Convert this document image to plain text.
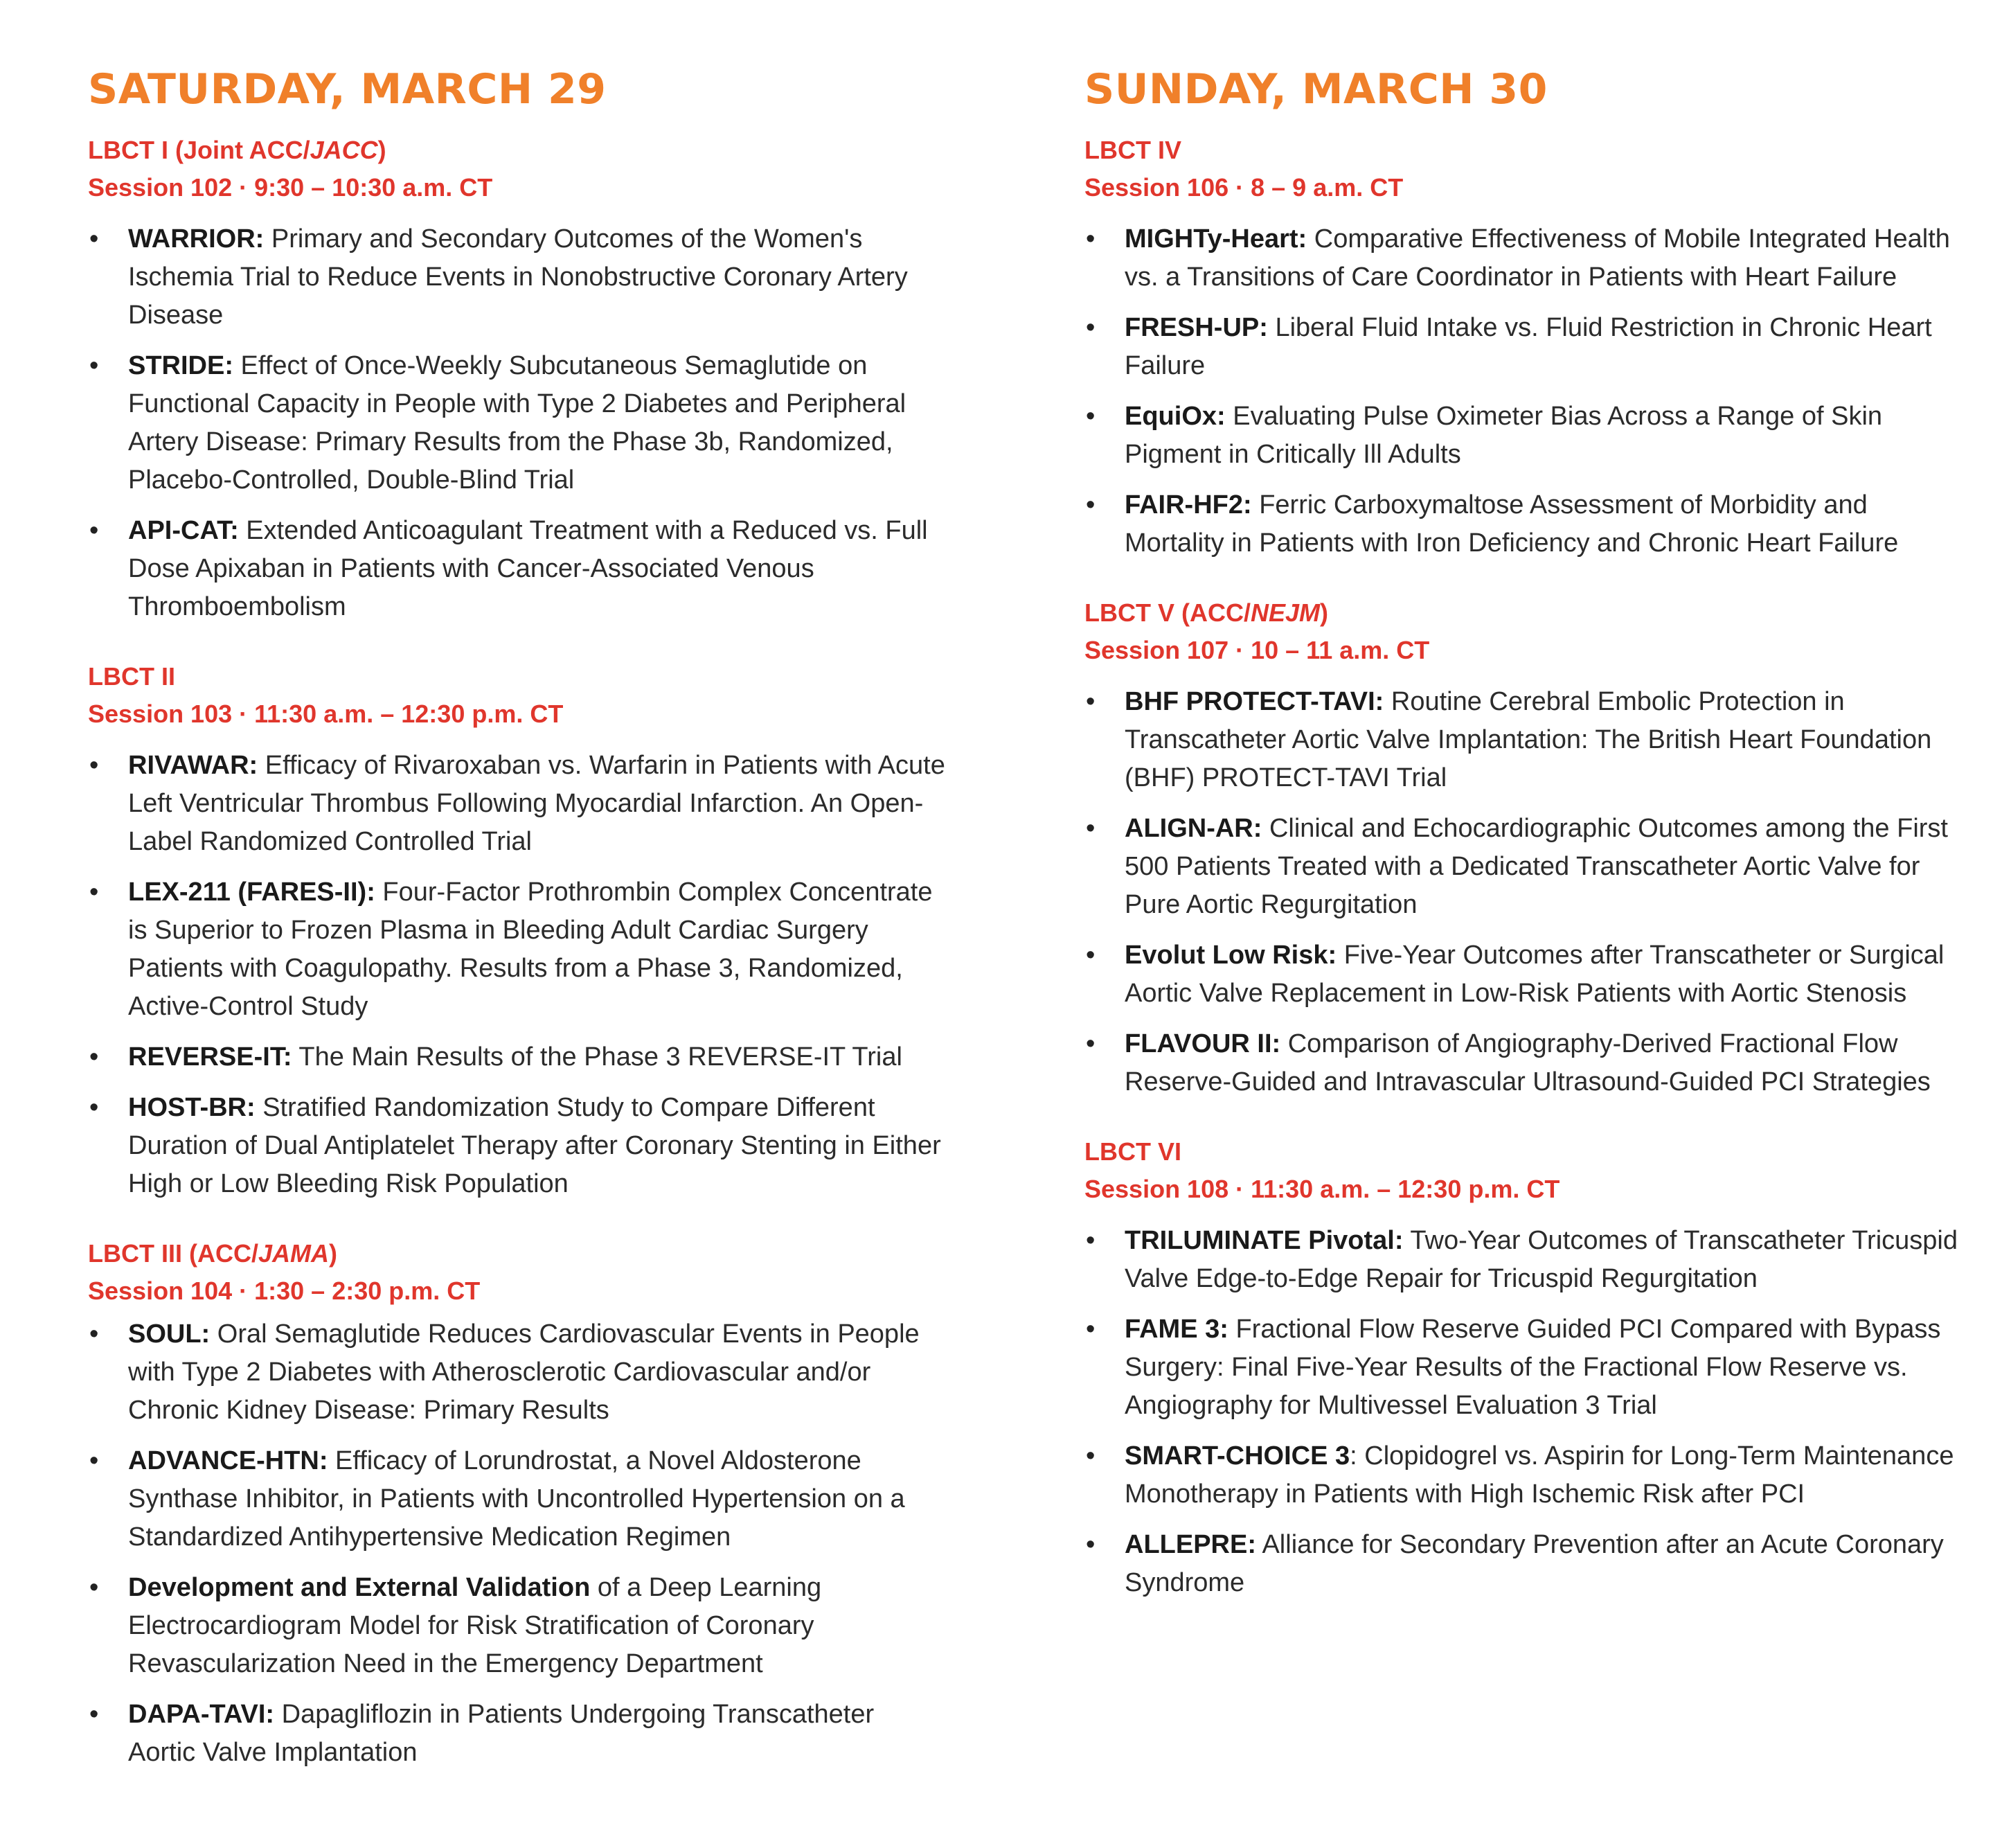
SATURDAY, MARCH 29
LBCT I (Joint ACC/JACC)
Session 102 · 9:30 – 10:30 a.m. CT
• WARRIOR: Primary and Secondary Outcomes of the Women's Ischemia Trial to Reduce Events in Nonobstructive Coronary Artery Disease
• STRIDE: Effect of Once-Weekly Subcutaneous Semaglutide on Functional Capacity in People with Type 2 Diabetes and Peripheral Artery Disease: Primary Results from the Phase 3b, Randomized, Placebo-Controlled, Double-Blind Trial
• API-CAT: Extended Anticoagulant Treatment with a Reduced vs. Full Dose Apixaban in Patients with Cancer-Associated Venous Thromboembolism
LBCT II
Session 103 · 11:30 a.m. – 12:30 p.m. CT
• RIVAWAR: Efficacy of Rivaroxaban vs. Warfarin in Patients with Acute Left Ventricular Thrombus Following Myocardial Infarction. An Open-Label Randomized Controlled Trial
• LEX-211 (FARES-II): Four-Factor Prothrombin Complex Concentrate is Superior to Frozen Plasma in Bleeding Adult Cardiac Surgery Patients with Coagulopathy. Results from a Phase 3, Randomized, Active-Control Study
• REVERSE-IT: The Main Results of the Phase 3 REVERSE-IT Trial
• HOST-BR: Stratified Randomization Study to Compare Different Duration of Dual Antiplatelet Therapy after Coronary Stenting in Either High or Low Bleeding Risk Population
LBCT III (ACC/JAMA)
Session 104 · 1:30 – 2:30 p.m. CT
• SOUL: Oral Semaglutide Reduces Cardiovascular Events in People with Type 2 Diabetes with Atherosclerotic Cardiovascular and/or Chronic Kidney Disease: Primary Results
• ADVANCE-HTN: Efficacy of Lorundrostat, a Novel Aldosterone Synthase Inhibitor, in Patients with Uncontrolled Hypertension on a Standardized Antihypertensive Medication Regimen
• Development and External Validation of a Deep Learning Electrocardiogram Model for Risk Stratification of Coronary Revascularization Need in the Emergency Department
• DAPA-TAVI: Dapagliflozin in Patients Undergoing Transcatheter Aortic Valve Implantation
SUNDAY, MARCH 30
LBCT IV
Session 106 · 8 – 9 a.m. CT
• MIGHTy-Heart: Comparative Effectiveness of Mobile Integrated Health vs. a Transitions of Care Coordinator in Patients with Heart Failure
• FRESH-UP: Liberal Fluid Intake vs. Fluid Restriction in Chronic Heart Failure
• EquiOx: Evaluating Pulse Oximeter Bias Across a Range of Skin Pigment in Critically Ill Adults
• FAIR-HF2: Ferric Carboxymaltose Assessment of Morbidity and Mortality in Patients with Iron Deficiency and Chronic Heart Failure
LBCT V (ACC/NEJM)
Session 107 · 10 – 11 a.m. CT
• BHF PROTECT-TAVI: Routine Cerebral Embolic Protection in Transcatheter Aortic Valve Implantation: The British Heart Foundation (BHF) PROTECT-TAVI Trial
• ALIGN-AR: Clinical and Echocardiographic Outcomes among the First 500 Patients Treated with a Dedicated Transcatheter Aortic Valve for Pure Aortic Regurgitation
• Evolut Low Risk: Five-Year Outcomes after Transcatheter or Surgical Aortic Valve Replacement in Low-Risk Patients with Aortic Stenosis
• FLAVOUR II: Comparison of Angiography-Derived Fractional Flow Reserve-Guided and Intravascular Ultrasound-Guided PCI Strategies
LBCT VI
Session 108 · 11:30 a.m. – 12:30 p.m. CT
• TRILUMINATE Pivotal: Two-Year Outcomes of Transcatheter Tricuspid Valve Edge-to-Edge Repair for Tricuspid Regurgitation
• FAME 3: Fractional Flow Reserve Guided PCI Compared with Bypass Surgery: Final Five-Year Results of the Fractional Flow Reserve vs. Angiography for Multivessel Evaluation 3 Trial
• SMART-CHOICE 3: Clopidogrel vs. Aspirin for Long-Term Maintenance Monotherapy in Patients with High Ischemic Risk after PCI
• ALLEPRE: Alliance for Secondary Prevention after an Acute Coronary Syndrome
